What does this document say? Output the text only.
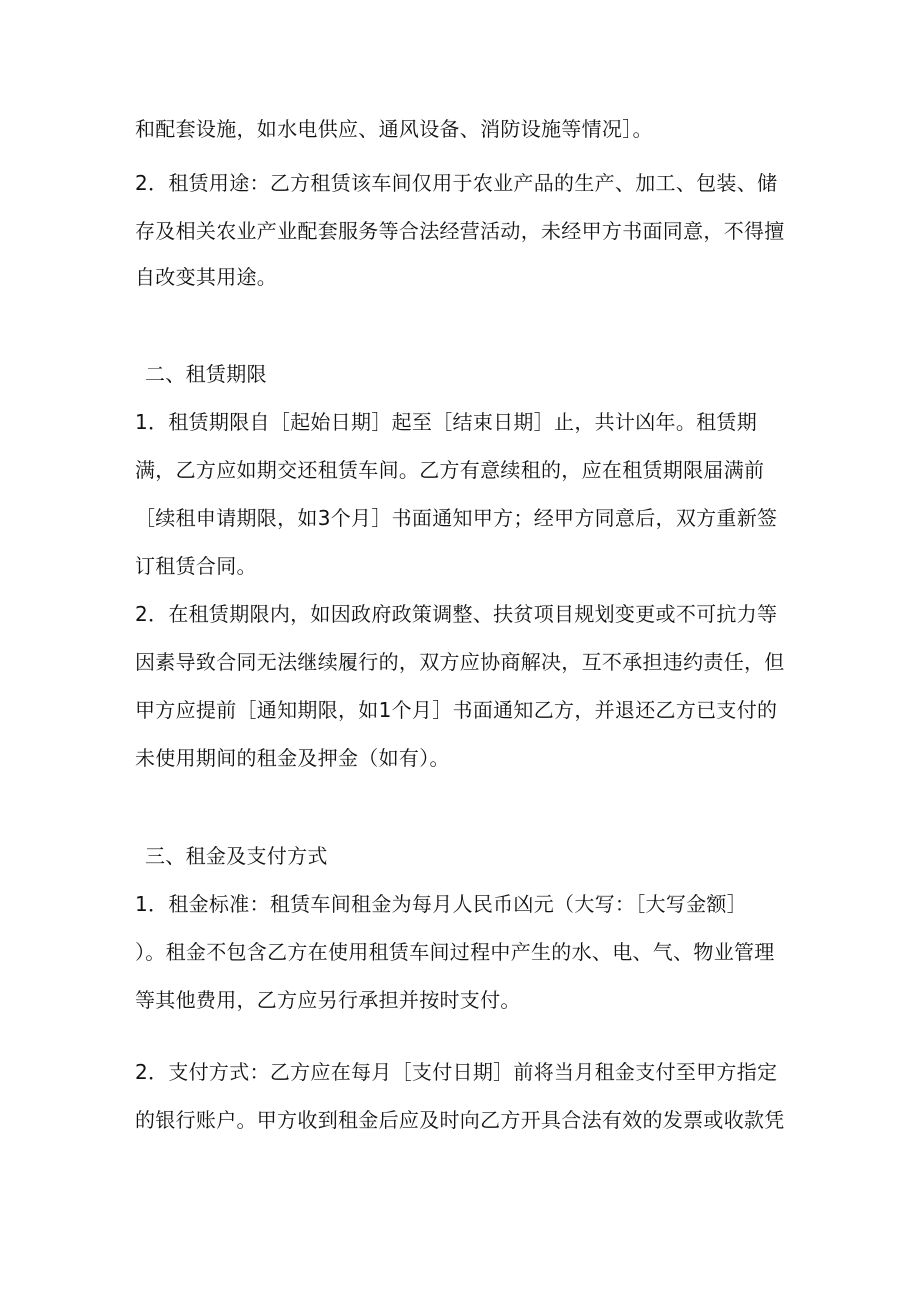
和配套设施，如水电供应、通风设备、消防设施等情况］。
2．租赁用途：乙方租赁该车间仅用于农业产品的生产、加工、包装、储
存及相关农业产业配套服务等合法经营活动，未经甲方书面同意，不得擅
自改变其用途。
二、租赁期限
1．租赁期限自［起始日期］起至［结束日期］止，共计凶年。租赁期
满，乙方应如期交还租赁车间。乙方有意续租的，应在租赁期限届满前
［续租申请期限，如3个月］书面通知甲方；经甲方同意后，双方重新签
订租赁合同。
2．在租赁期限内，如因政府政策调整、扶贫项目规划变更或不可抗力等
因素导致合同无法继续履行的，双方应协商解决，互不承担违约责任，但
甲方应提前［通知期限，如1个月］书面通知乙方，并退还乙方已支付的
未使用期间的租金及押金（如有）。
三、租金及支付方式
1．租金标准：租赁车间租金为每月人民币凶元（大写：［大写金额］
）。租金不包含乙方在使用租赁车间过程中产生的水、电、气、物业管理
等其他费用，乙方应另行承担并按时支付。
2．支付方式：乙方应在每月［支付日期］前将当月租金支付至甲方指定
的银行账户。甲方收到租金后应及时向乙方开具合法有效的发票或收款凭
